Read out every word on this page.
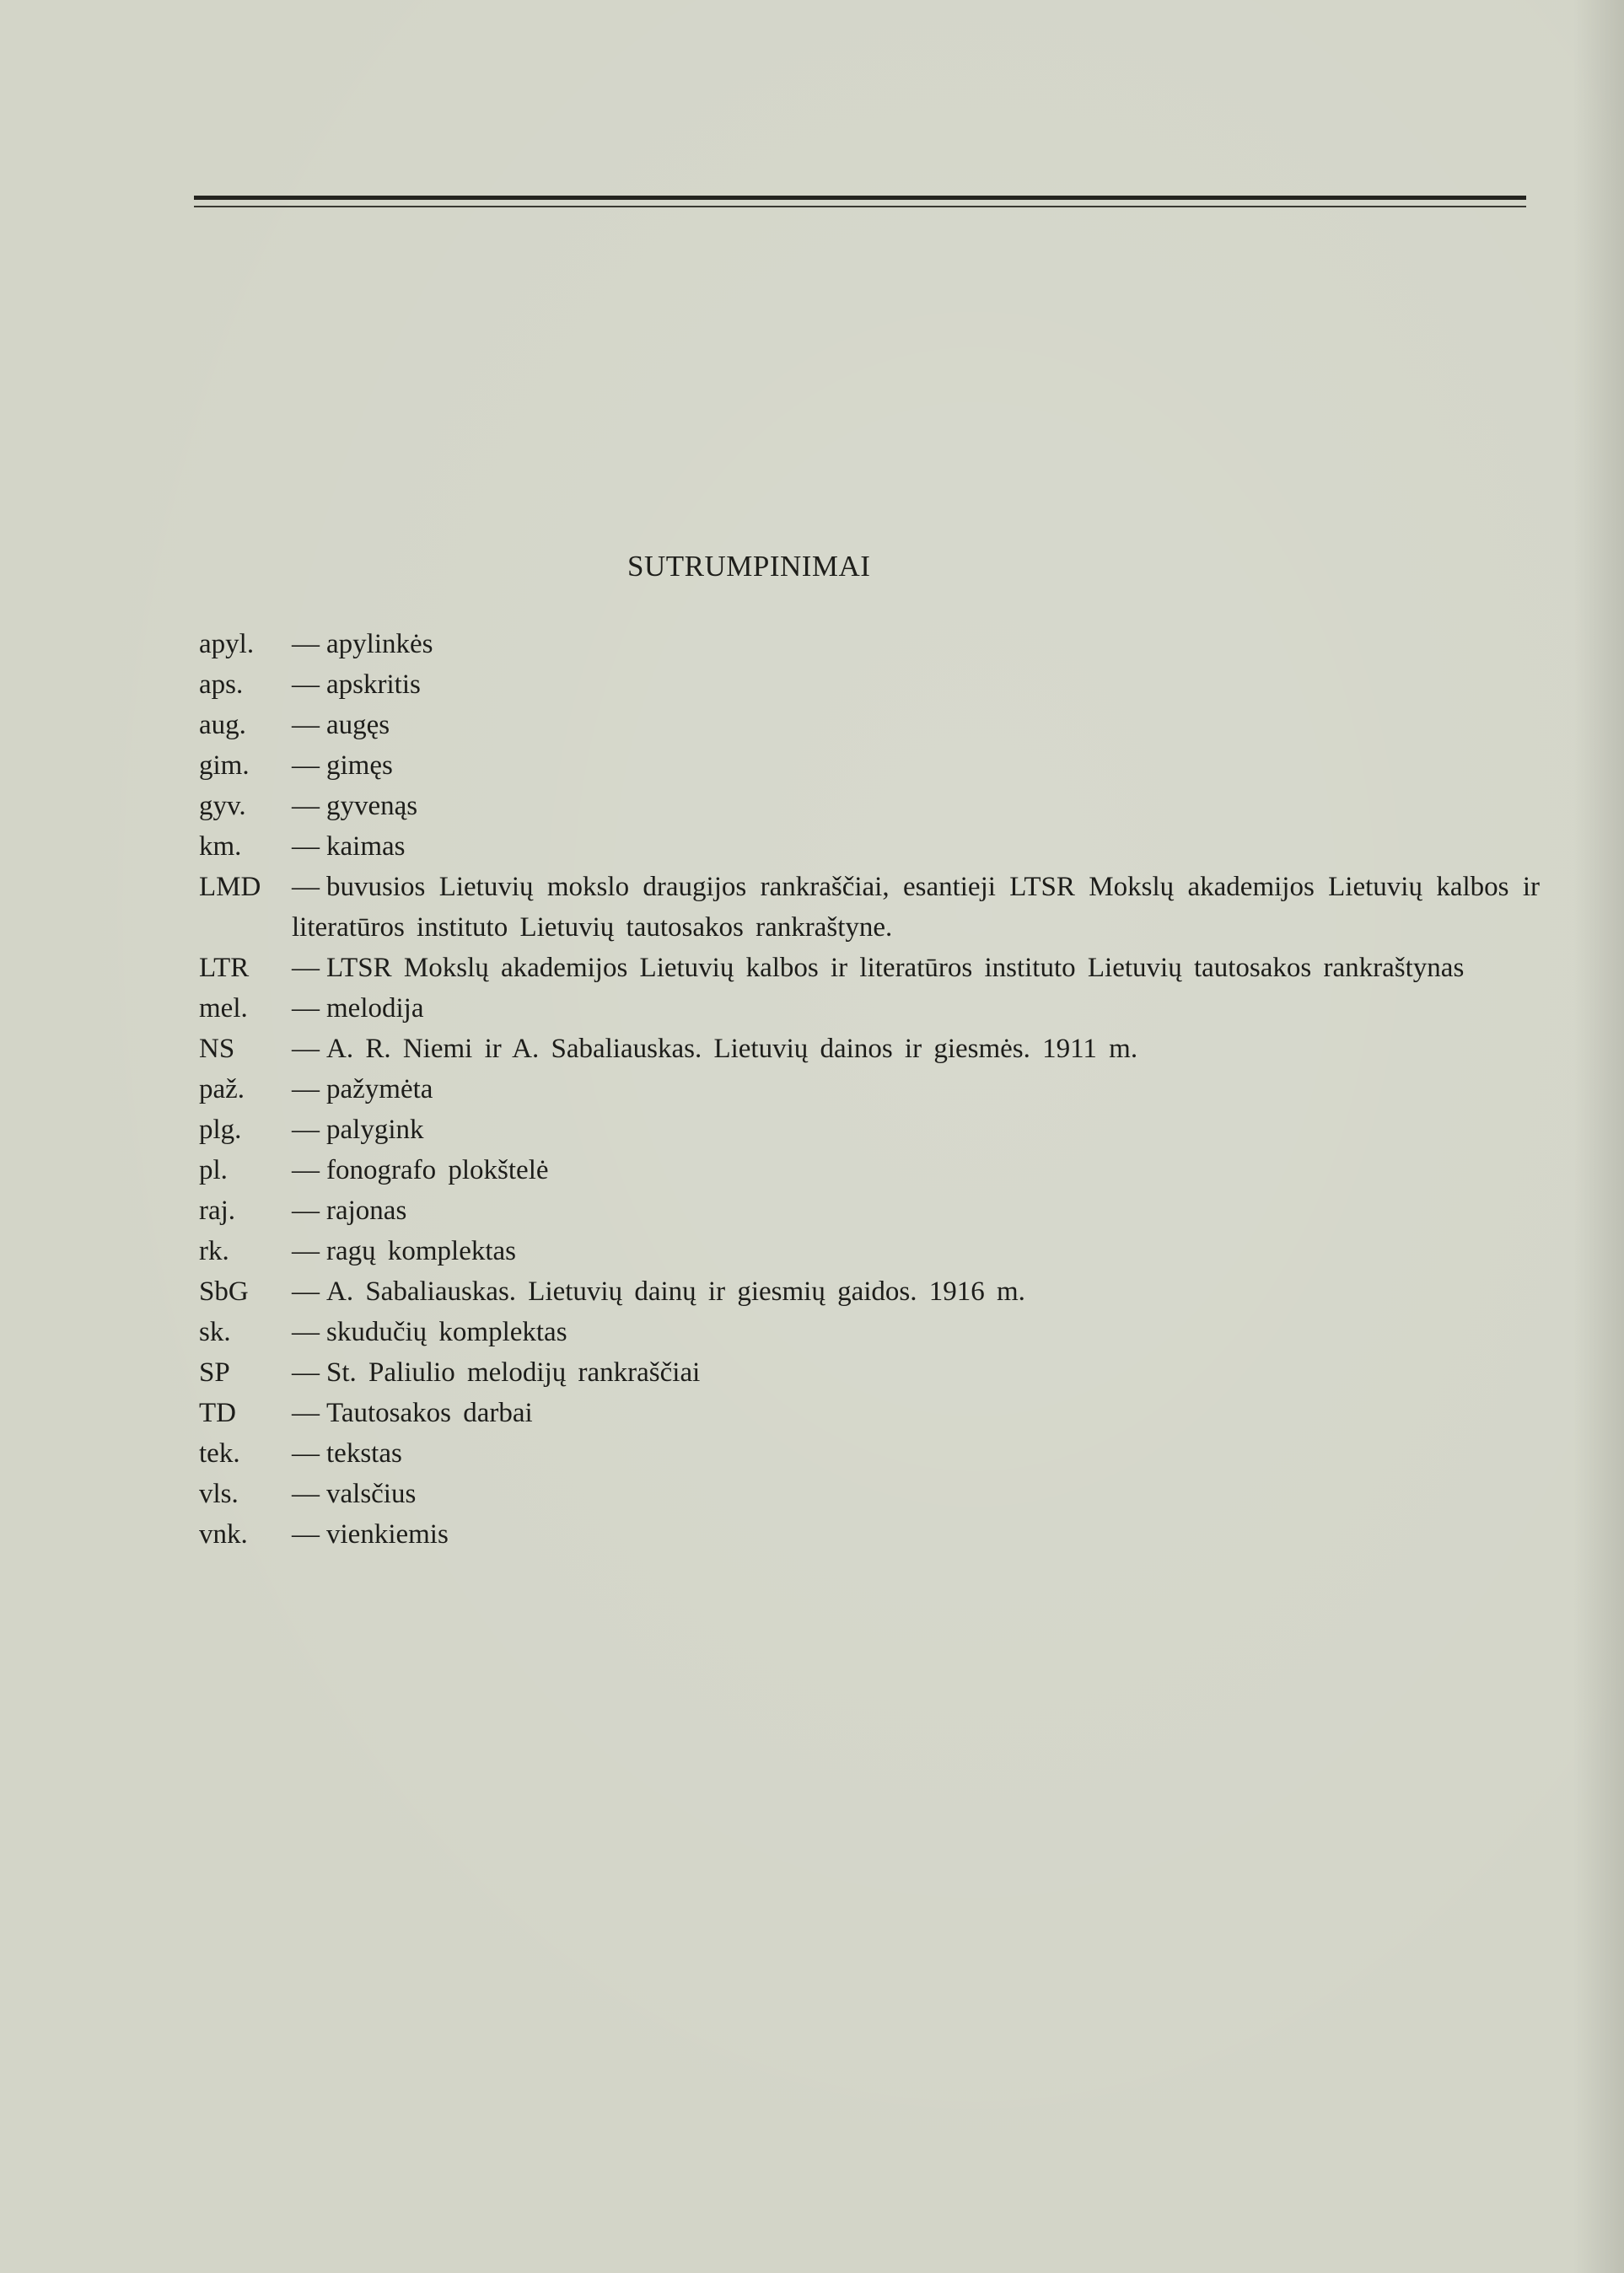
SUTRUMPINIMAI
apyl.	— apylinkės
aps.	— apskritis
aug.	— augęs
gim.	— gimęs
gyv.	— gyvenąs
km.	— kaimas
LMD	— buvusios Lietuvių mokslo draugijos rankraščiai, esantieji LTSR Mokslų akademijos Lietuvių kalbos ir literatūros instituto Lietuvių tautosakos rankraštyne.
LTR	— LTSR Mokslų akademijos Lietuvių kalbos ir literatūros instituto Lietuvių tautosakos rankraštynas
mel.	— melodija
NS	— A. R. Niemi ir A. Sabaliauskas. Lietuvių dainos ir giesmės. 1911 m.
paž.	— pažymėta
plg.	— palygink
pl.	— fonografo plokštelė
raj.	— rajonas
rk.	— ragų komplektas
SbG	— A. Sabaliauskas. Lietuvių dainų ir giesmių gaidos. 1916 m.
sk.	— skudučių komplektas
SP	— St. Paliulio melodijų rankraščiai
TD	— Tautosakos darbai
tek.	— tekstas
vls.	— valsčius
vnk.	— vienkiemis
